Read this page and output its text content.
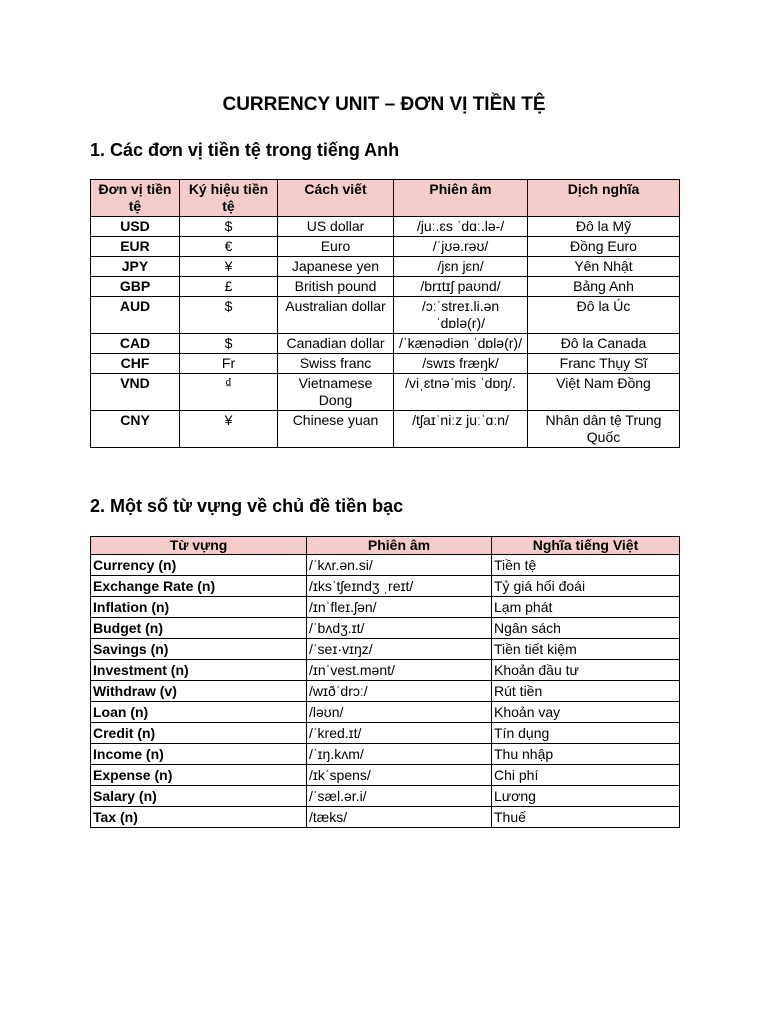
CURRENCY UNIT – ĐƠN VỊ TIỀN TỆ
1. Các đơn vị tiền tệ trong tiếng Anh
Đơn vị tiền tệ	Ký hiệu tiền tệ	Cách viết	Phiên âm	Dịch nghĩa
USD	$	US dollar	/juː.ɛs ˈdɑː.lə-/	Đô la Mỹ
EUR	€	Euro	/ˈjʊə.rəʊ/	Đồng Euro
JPY	¥	Japanese yen	/jɛn jɛn/	Yên Nhật
GBP	£	British pound	/brɪtɪʃ paʊnd/	Bảng Anh
AUD	$	Australian dollar	/ɔːˈstreɪ.li.ən ˈdɒlə(r)/	Đô la Úc
CAD	$	Canadian dollar	/ˈkænədiən ˈdɒlə(r)/	Đô la Canada
CHF	Fr	Swiss franc	/swɪs fræŋk/	Franc Thụy Sĩ
VND	₫	Vietnamese Dong	/viˌɛtnəˈmis ˈdɒŋ/.	Việt Nam Đồng
CNY	¥	Chinese yuan	/tʃaɪˈniːz juːˈɑːn/	Nhân dân tệ Trung Quốc
2. Một số từ vựng về chủ đề tiền bạc
Từ vựng	Phiên âm	Nghĩa tiếng Việt
Currency (n)	/ˈkʌr.ən.si/	Tiền tệ
Exchange Rate (n)	/ɪksˈtʃeɪndʒ ˌreɪt/	Tỷ giá hối đoái
Inflation (n)	/ɪnˈfleɪ.ʃən/	Lạm phát
Budget (n)	/ˈbʌdʒ.ɪt/	Ngân sách
Savings (n)	/ˈseɪ·vɪŋz/	Tiền tiết kiệm
Investment (n)	/ɪnˈvest.mənt/	Khoản đầu tư
Withdraw (v)	/wɪðˈdrɔː/	Rút tiền
Loan (n)	/ləʊn/	Khoản vay
Credit (n)	/ˈkred.ɪt/	Tín dụng
Income (n)	/ˈɪŋ.kʌm/	Thu nhập
Expense (n)	/ɪkˈspens/	Chi phí
Salary (n)	/ˈsæl.ər.i/	Lương
Tax (n)	/tæks/	Thuế
